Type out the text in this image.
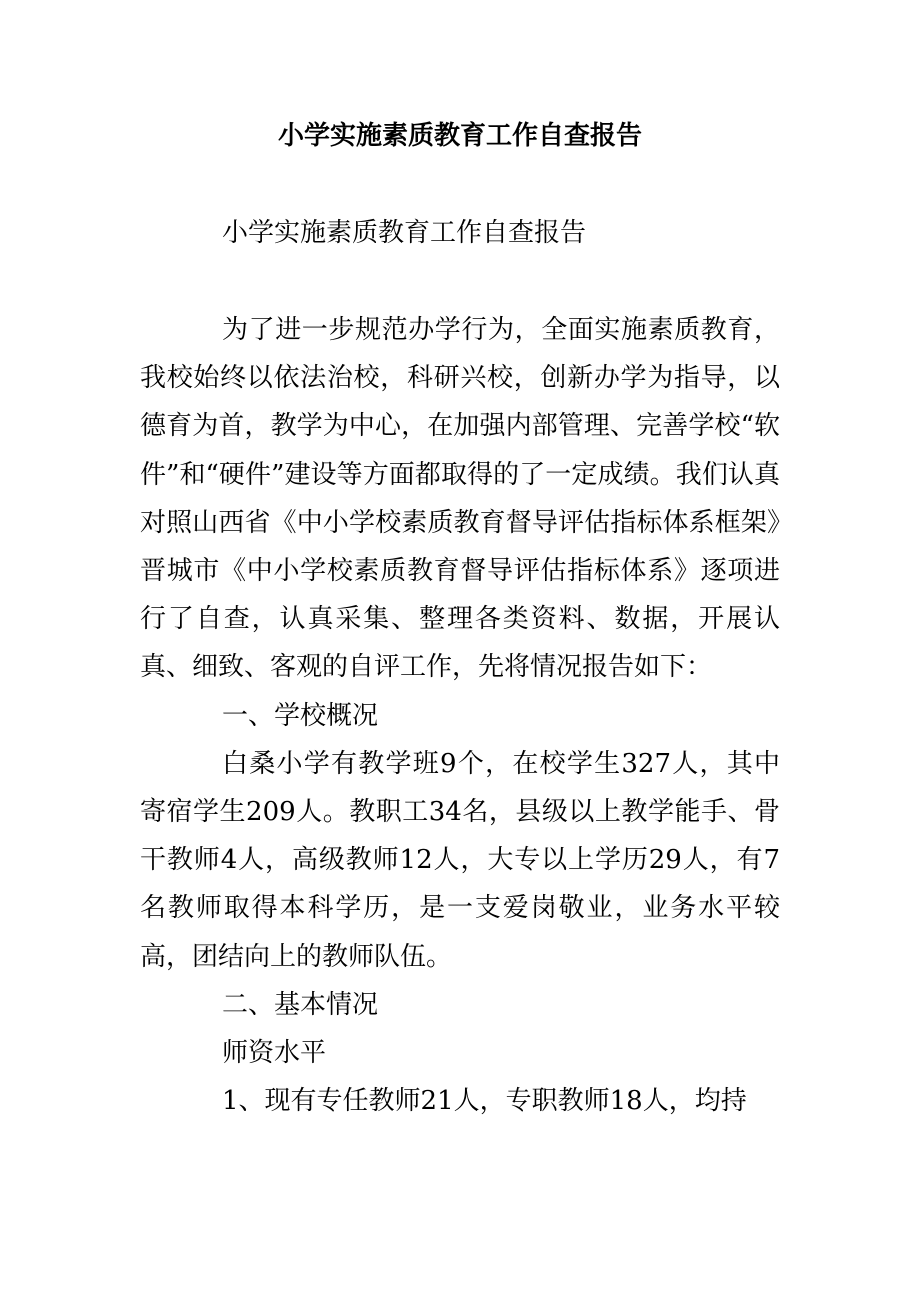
小学实施素质教育工作自查报告
小学实施素质教育工作自查报告

为了进一步规范办学行为，全面实施素质教育，我校始终以依法治校，科研兴校，创新办学为指导，以德育为首，教学为中心，在加强内部管理、完善学校“软件”和“硬件”建设等方面都取得的了一定成绩。我们认真对照山西省《中小学校素质教育督导评估指标体系框架》晋城市《中小学校素质教育督导评估指标体系》逐项进行了自查，认真采集、整理各类资料、数据，开展认真、细致、客观的自评工作，先将情况报告如下：

一、学校概况

白桑小学有教学班9个，在校学生327人，其中寄宿学生209人。教职工34名，县级以上教学能手、骨干教师4人，高级教师12人，大专以上学历29人，有7名教师取得本科学历，是一支爱岗敬业，业务水平较高，团结向上的教师队伍。

二、基本情况

师资水平

1、现有专任教师21人，专职教师18人，均持
